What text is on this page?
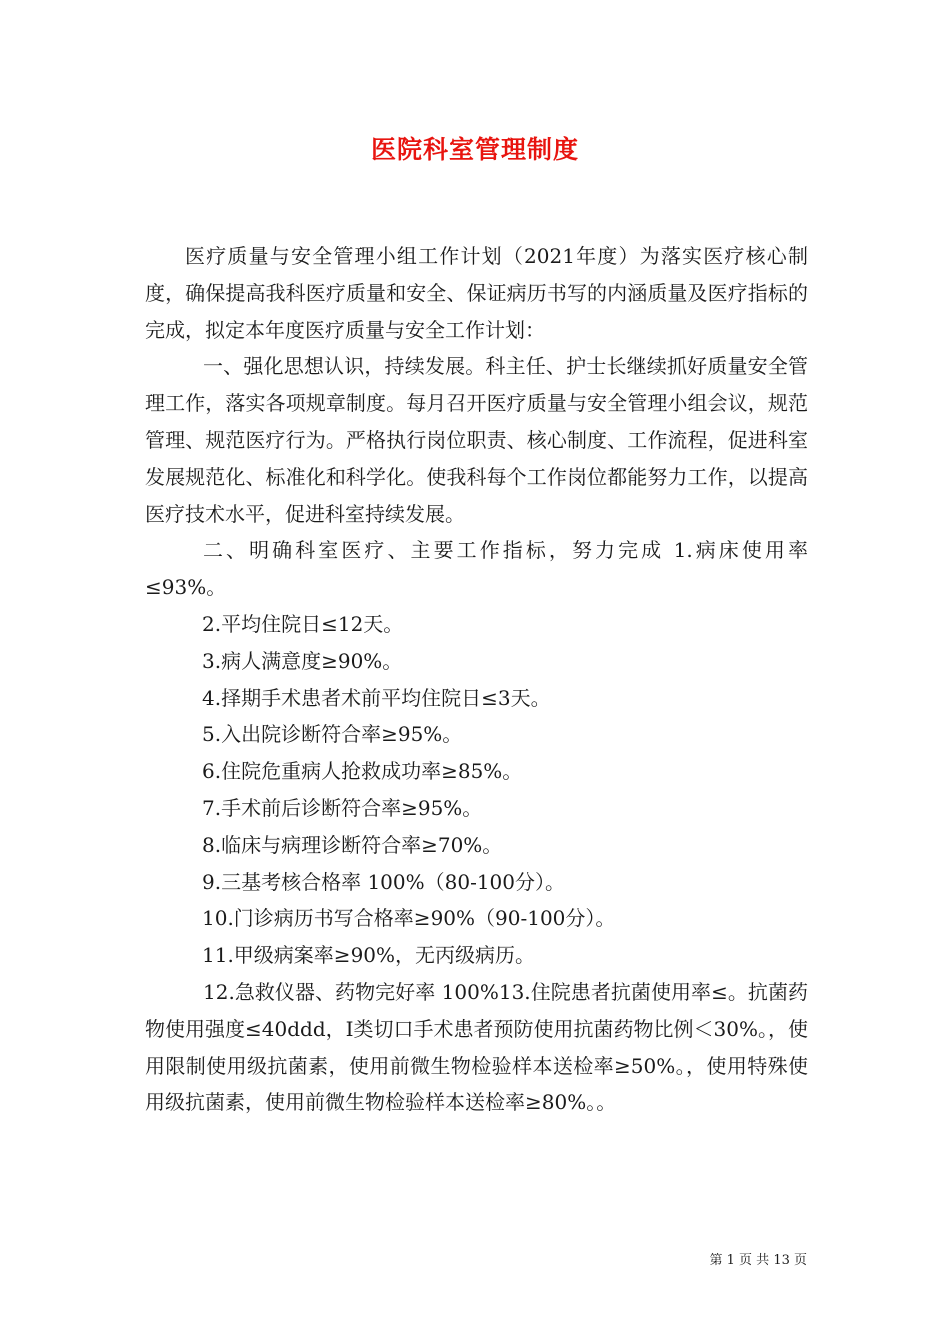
医院科室管理制度

医疗质量与安全管理小组工作计划（2021年度）为落实医疗核心制度，确保提高我科医疗质量和安全、保证病历书写的内涵质量及医疗指标的完成，拟定本年度医疗质量与安全工作计划：

一、强化思想认识，持续发展。科主任、护士长继续抓好质量安全管理工作，落实各项规章制度。每月召开医疗质量与安全管理小组会议，规范管理、规范医疗行为。严格执行岗位职责、核心制度、工作流程，促进科室发展规范化、标准化和科学化。使我科每个工作岗位都能努力工作，以提高医疗技术水平，促进科室持续发展。

二、明确科室医疗、主要工作指标，努力完成 1.病床使用率≤93%。

2.平均住院日≤12天。

3.病人满意度≥90%。

4.择期手术患者术前平均住院日≤3天。

5.入出院诊断符合率≥95%。

6.住院危重病人抢救成功率≥85%。

7.手术前后诊断符合率≥95%。

8.临床与病理诊断符合率≥70%。

9.三基考核合格率 100%（80-100分）。

10.门诊病历书写合格率≥90%（90-100分）。

11.甲级病案率≥90%，无丙级病历。

12.急救仪器、药物完好率 100%13.住院患者抗菌使用率≤。抗菌药物使用强度≤40ddd，Ⅰ类切口手术患者预防使用抗菌药物比例＜30%。，使用限制使用级抗菌素，使用前微生物检验样本送检率≥50%。，使用特殊使用级抗菌素，使用前微生物检验样本送检率≥80%。。

第 1 页 共 13 页
